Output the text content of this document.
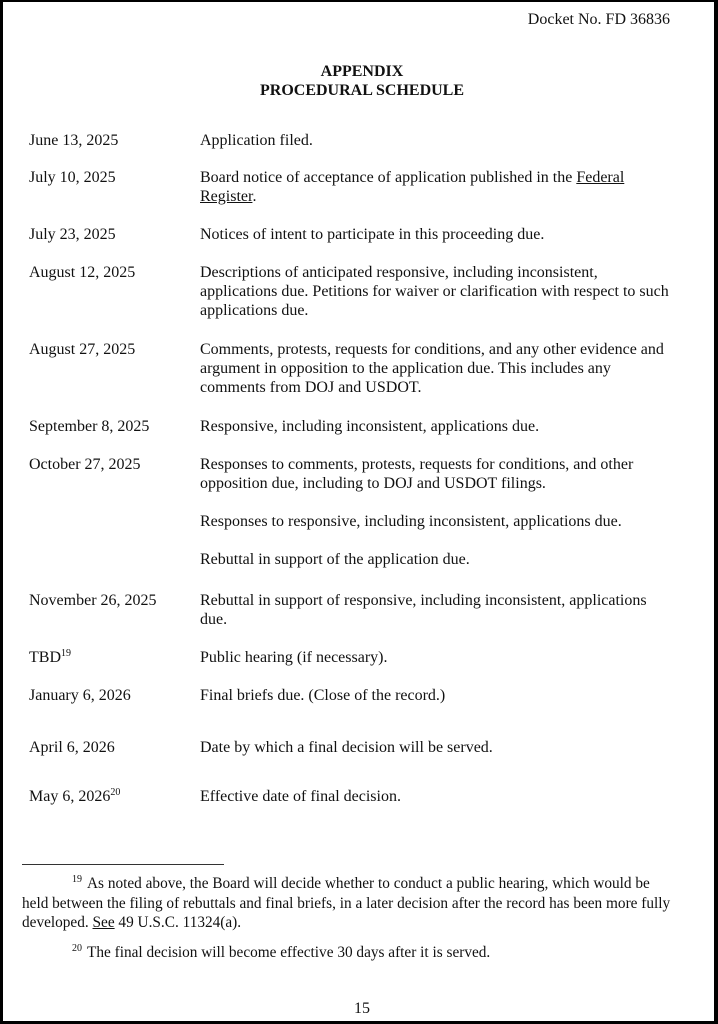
Docket No. FD 36836
APPENDIX
PROCEDURAL SCHEDULE
June 13, 2025	Application filed.

July 10, 2025	Board notice of acceptance of application published in the Federal Register.

July 23, 2025	Notices of intent to participate in this proceeding due.

August 12, 2025	Descriptions of anticipated responsive, including inconsistent, applications due. Petitions for waiver or clarification with respect to such applications due.

August 27, 2025	Comments, protests, requests for conditions, and any other evidence and argument in opposition to the application due. This includes any comments from DOJ and USDOT.

September 8, 2025	Responsive, including inconsistent, applications due.

October 27, 2025	Responses to comments, protests, requests for conditions, and other opposition due, including to DOJ and USDOT filings.

Responses to responsive, including inconsistent, applications due.

Rebuttal in support of the application due.

November 26, 2025	Rebuttal in support of responsive, including inconsistent, applications due.

TBD$^{19}$	Public hearing (if necessary).

January 6, 2026	Final briefs due. (Close of the record.)

April 6, 2026	Date by which a final decision will be served.

May 6, 2026$^{20}$	Effective date of final decision.

$^{19}$ As noted above, the Board will decide whether to conduct a public hearing, which would be held between the filing of rebuttals and final briefs, in a later decision after the record has been more fully developed. See 49 U.S.C. 11324(a).

$^{20}$ The final decision will become effective 30 days after it is served.

15
